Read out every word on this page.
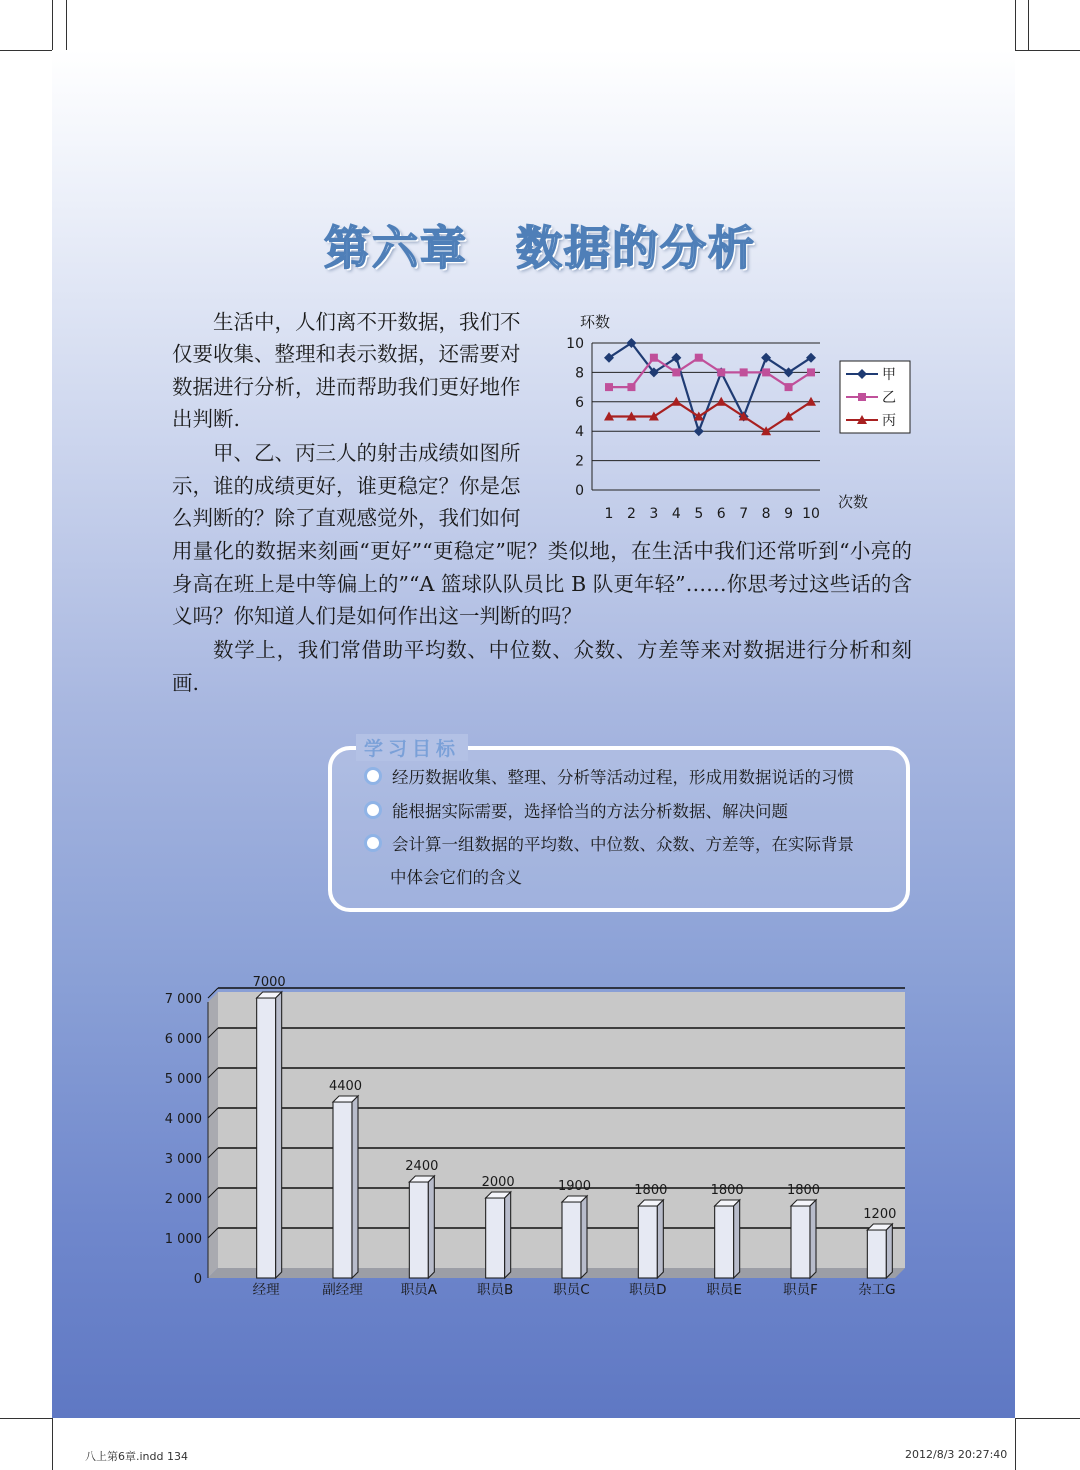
第六章 数据的分析
生活中，人们离不开数据，我们不
仅要收集、整理和表示数据，还需要对
数据进行分析，进而帮助我们更好地作
出判断.
甲、乙、丙三人的射击成绩如图所
示，谁的成绩更好，谁更稳定？你是怎
么判断的？除了直观感觉外，我们如何
用量化的数据来刻画“更好”“更稳定”呢？类似地，在生活中我们还常听到“小亮的身高在班上是中等偏上的”“A 篮球队队员比 B 队更年轻”……你思考过这些话的含义吗？你知道人们是如何作出这一判断的吗？
数学上，我们常借助平均数、中位数、众数、方差等来对数据进行分析和刻画.
环数
0
2
4
6
8
10
1 2 3 4 5 6 7 8 9 10
次数
甲
乙
丙
学习目标
经历数据收集、整理、分析等活动过程，形成用数据说话的习惯
能根据实际需要，选择恰当的方法分析数据、解决问题
会计算一组数据的平均数、中位数、众数、方差等，在实际背景
中体会它们的含义
0
1 000
2 000
3 000
4 000
5 000
6 000
7 000
7000
4400
2400
2000	1900	1800	1800	1800
1200
经理	副经理	职员A	职员B	职员C	职员D	职员E	职员F	杂工G
八上第6章.indd 134	2012/8/3 20:27:40
